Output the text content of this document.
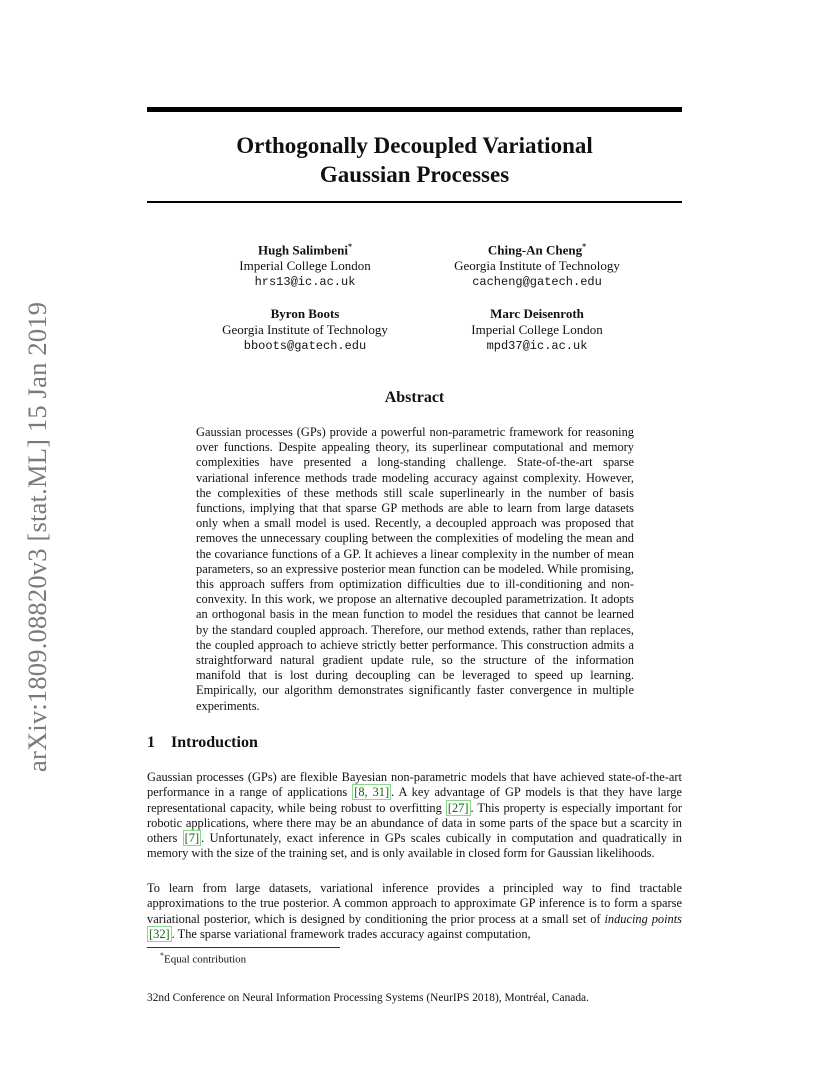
arXiv:1809.08820v3 [stat.ML] 15 Jan 2019
Orthogonally Decoupled Variational
Gaussian Processes
Hugh Salimbeni*
Imperial College London
hrs13@ic.ac.uk
Ching-An Cheng*
Georgia Institute of Technology
cacheng@gatech.edu
Byron Boots
Georgia Institute of Technology
bboots@gatech.edu
Marc Deisenroth
Imperial College London
mpd37@ic.ac.uk
Abstract
Gaussian processes (GPs) provide a powerful non-parametric framework for reasoning over functions. Despite appealing theory, its superlinear computational and memory complexities have presented a long-standing challenge. State-of-the-art sparse variational inference methods trade modeling accuracy against complexity. However, the complexities of these methods still scale superlinearly in the number of basis functions, implying that that sparse GP methods are able to learn from large datasets only when a small model is used. Recently, a decoupled approach was proposed that removes the unnecessary coupling between the complexities of modeling the mean and the covariance functions of a GP. It achieves a linear complexity in the number of mean parameters, so an expressive posterior mean function can be modeled. While promising, this approach suffers from optimization difficulties due to ill-conditioning and non-convexity. In this work, we propose an alternative decoupled parametrization. It adopts an orthogonal basis in the mean function to model the residues that cannot be learned by the standard coupled approach. Therefore, our method extends, rather than replaces, the coupled approach to achieve strictly better performance. This construction admits a straightforward natural gradient update rule, so the structure of the information manifold that is lost during decoupling can be leveraged to speed up learning. Empirically, our algorithm demonstrates significantly faster convergence in multiple experiments.
1 Introduction
Gaussian processes (GPs) are flexible Bayesian non-parametric models that have achieved state-of-the-art performance in a range of applications [8, 31] . A key advantage of GP models is that they have large representational capacity, while being robust to overfitting [27] . This property is especially important for robotic applications, where there may be an abundance of data in some parts of the space but a scarcity in others [7] . Unfortunately, exact inference in GPs scales cubically in computation and quadratically in memory with the size of the training set, and is only available in closed form for Gaussian likelihoods.
To learn from large datasets, variational inference provides a principled way to find tractable approximations to the true posterior. A common approach to approximate GP inference is to form a sparse variational posterior, which is designed by conditioning the prior process at a small set of inducing points [32] . The sparse variational framework trades accuracy against computation,
*Equal contribution
32nd Conference on Neural Information Processing Systems (NeurIPS 2018), Montréal, Canada.
